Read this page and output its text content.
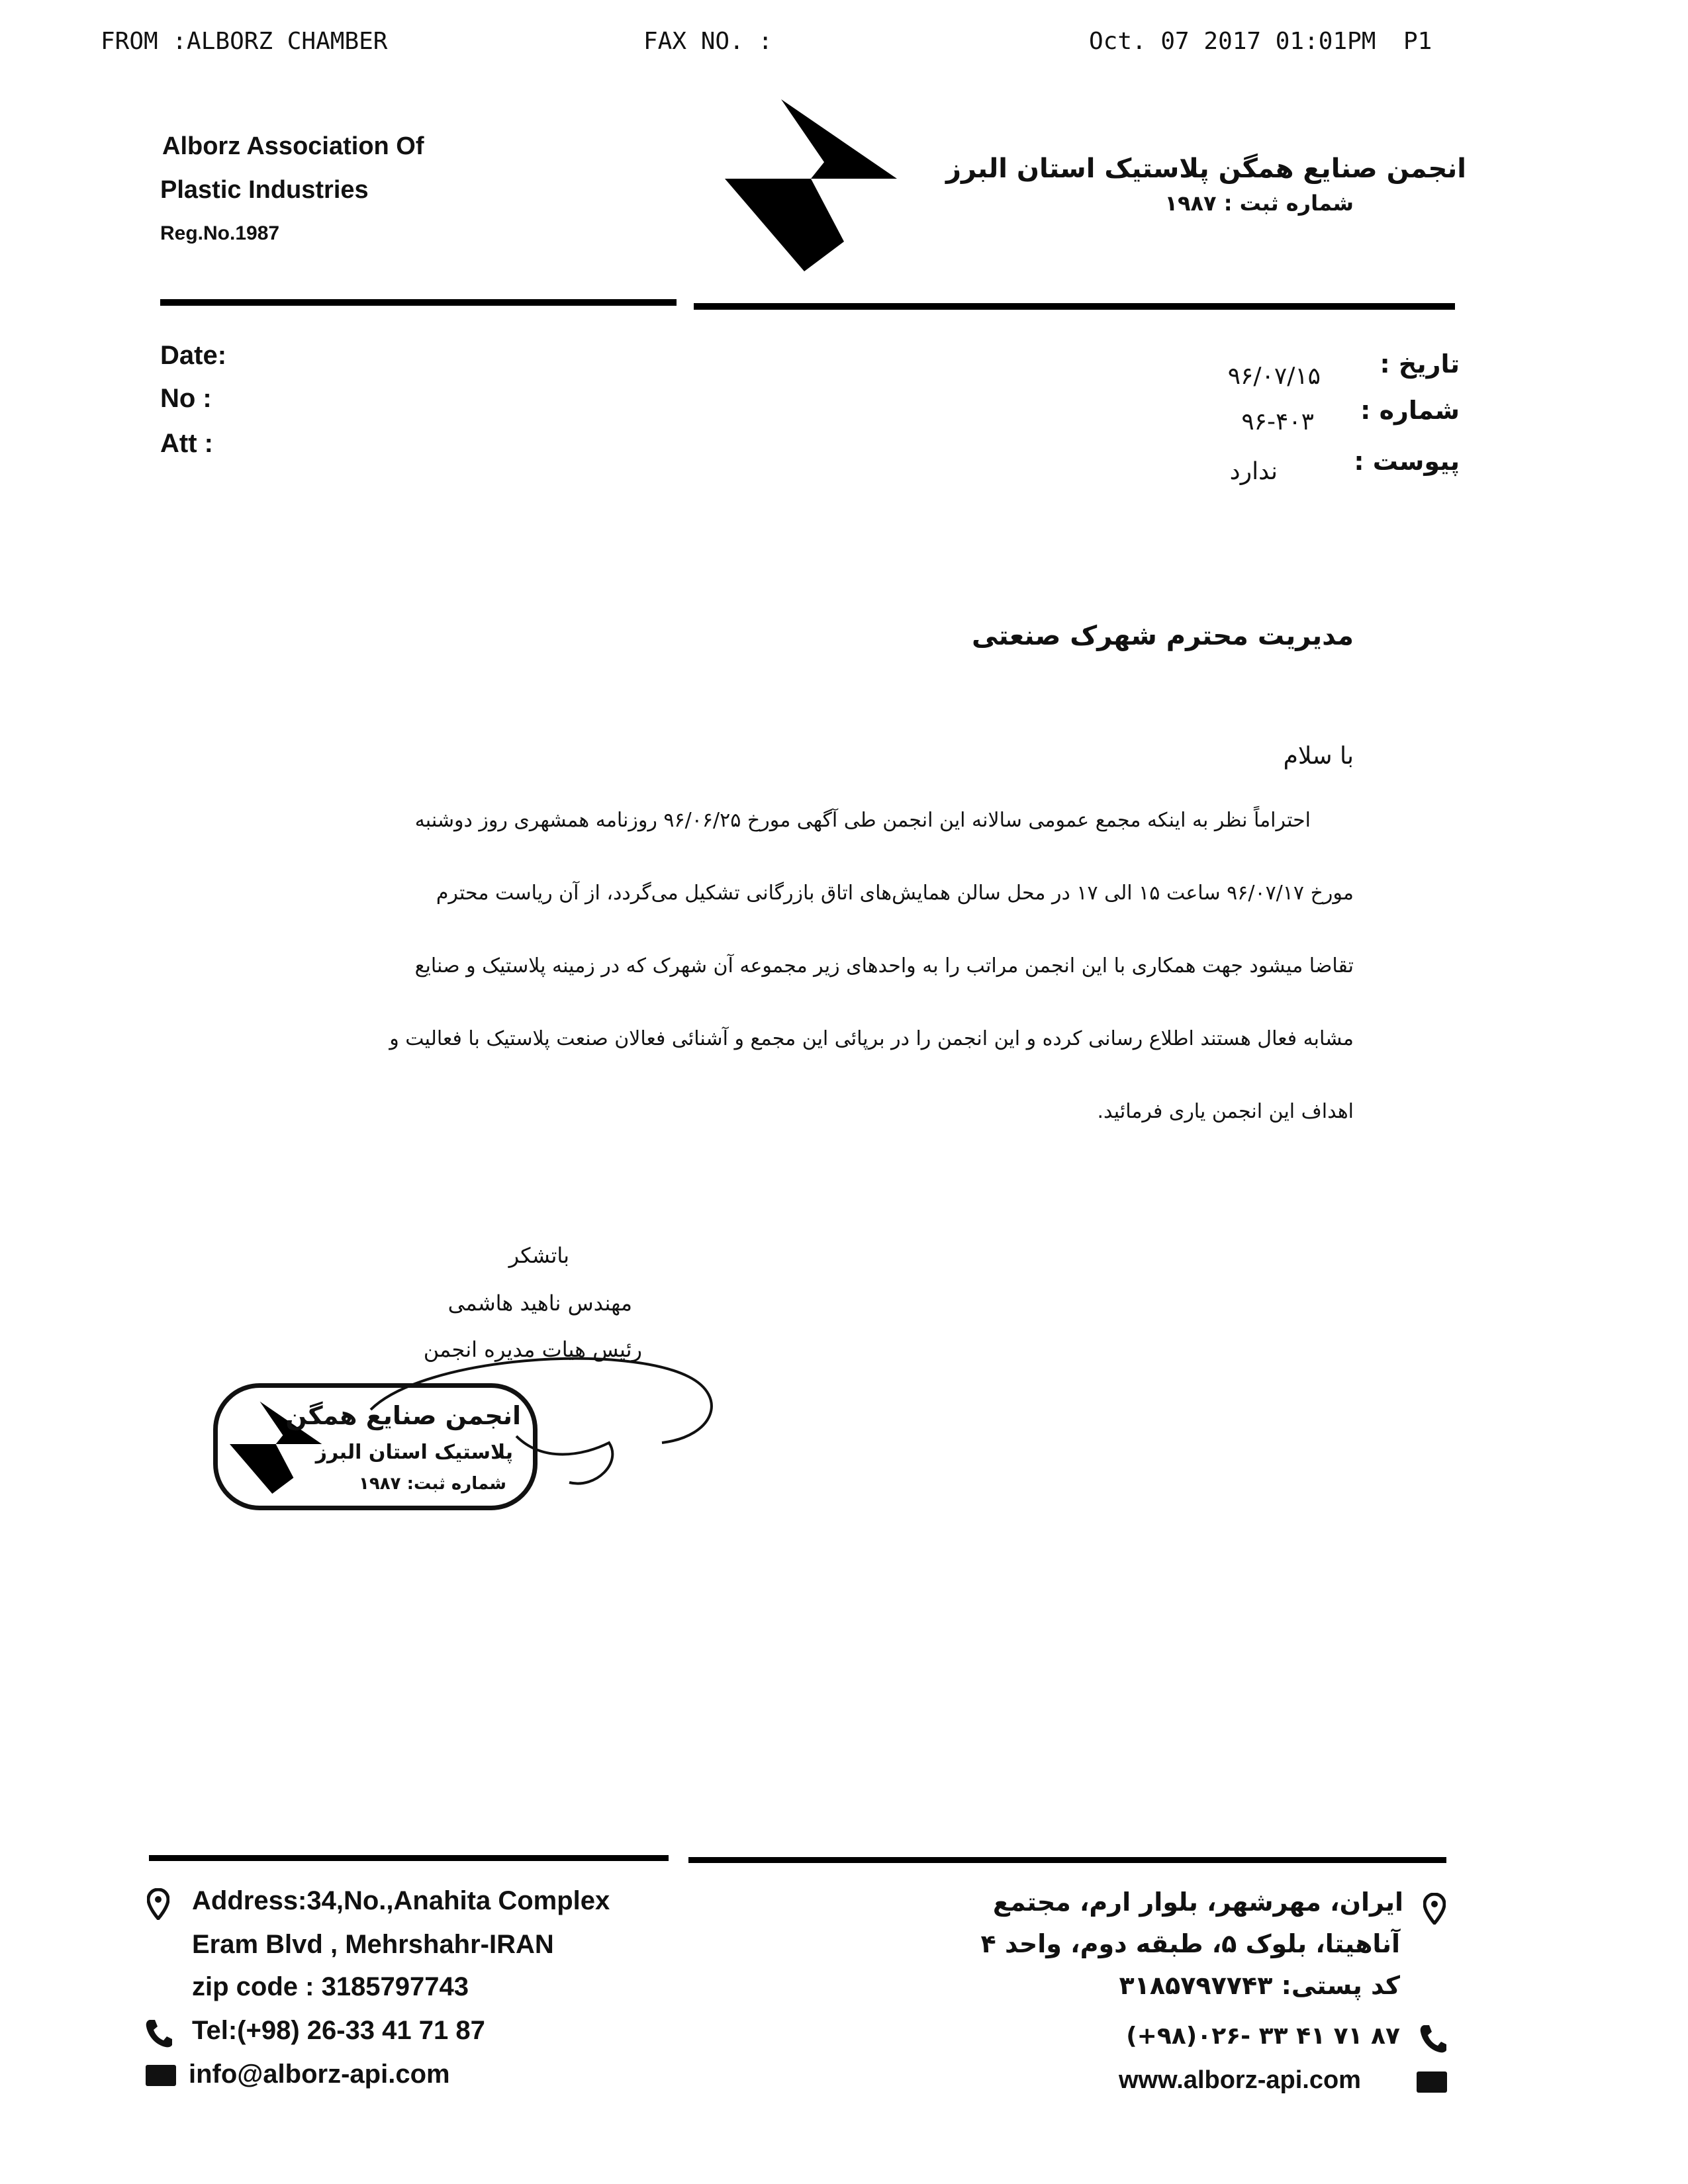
FROM :ALBORZ CHAMBER	FAX NO. :	Oct. 07 2017 01:01PM P1
Alborz Association Of
Plastic Industries
Reg.No.1987
انجمن صنایع همگن پلاستیک استان البرز
شماره ثبت : ۱۹۸۷
Date:
No :
Att :
تاریخ :
شماره :
پیوست :
۹۶/۰۷/۱۵
۹۶-۴۰۳
ندارد
مدیریت محترم شهرک صنعتی
با سلام
احتراماً نظر به اینکه مجمع عمومی سالانه این انجمن طی آگهی مورخ ۹۶/۰۶/۲۵ روزنامه همشهری روز دوشنبه
مورخ ۹۶/۰۷/۱۷ ساعت ۱۵ الی ۱۷ در محل سالن همایش‌های اتاق بازرگانی تشکیل می‌گردد، از آن ریاست محترم
تقاضا میشود جهت همکاری با این انجمن مراتب را به واحدهای زیر مجموعه آن شهرک که در زمینه پلاستیک و صنایع
مشابه فعال هستند اطلاع رسانی کرده و این انجمن را در برپائی این مجمع و آشنائی فعالان صنعت پلاستیک با فعالیت و
اهداف این انجمن یاری فرمائید.
باتشکر
مهندس ناهید هاشمی
رئیس هیات مدیره انجمن
انجمن صنایع همگن
پلاستیک استان البرز
شماره ثبت: ۱۹۸۷
Address:34,No.,Anahita Complex
Eram Blvd , Mehrshahr-IRAN
zip code : 3185797743
Tel:(+98) 26-33 41 71 87
info@alborz-api.com
ایران، مهرشهر، بلوار ارم، مجتمع
آناهیتا، بلوک ۵، طبقه دوم، واحد ۴
کد پستی: ۳۱۸۵۷۹۷۷۴۳
(+۹۸)۰۲۶- ۳۳ ۴۱ ۷۱ ۸۷
www.alborz-api.com
